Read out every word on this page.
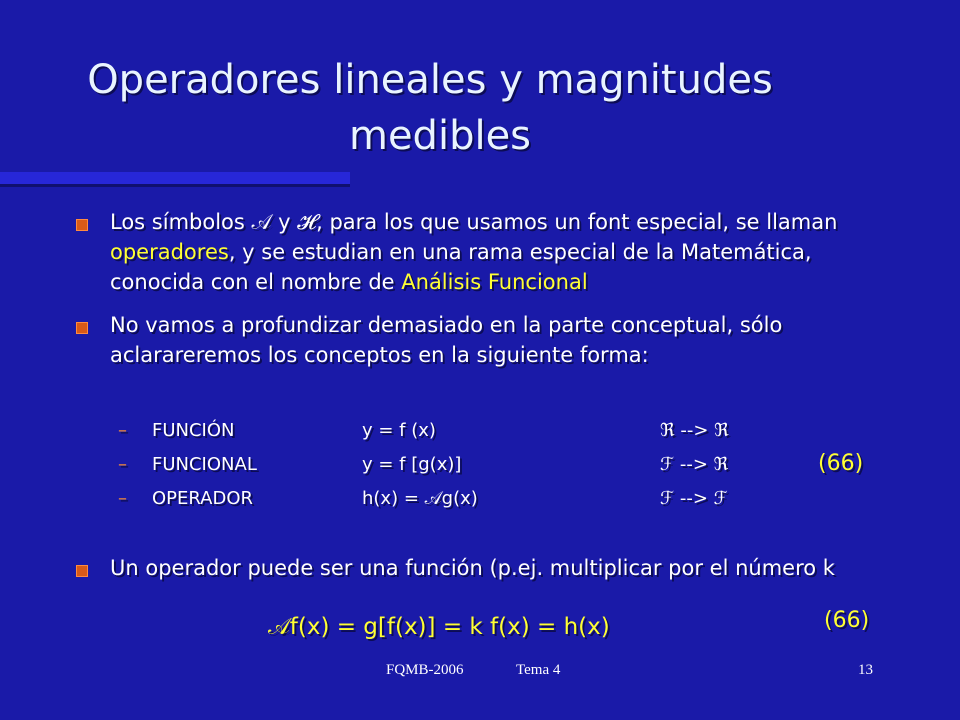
Operadores lineales y magnitudes
medibles
Los símbolos 𝒜 y 𝓗, para los que usamos un font especial, se llaman operadores, y se estudian en una rama especial de la Matemática, conocida con el nombre de Análisis Funcional
No vamos a profundizar demasiado en la parte conceptual, sólo aclarareremos los conceptos en la siguiente forma:
– FUNCIÓN	y = f (x)	ℜ --> ℜ
– FUNCIONAL	y = f [g(x)]	ℱ --> ℜ	(66)
– OPERADOR	h(x) = 𝒜g(x)	ℱ --> ℱ
Un operador puede ser una función (p.ej. multiplicar por el número k
𝒜f(x) = g[f(x)] = k f(x) = h(x)	(66)
FQMB-2006	Tema 4	13
